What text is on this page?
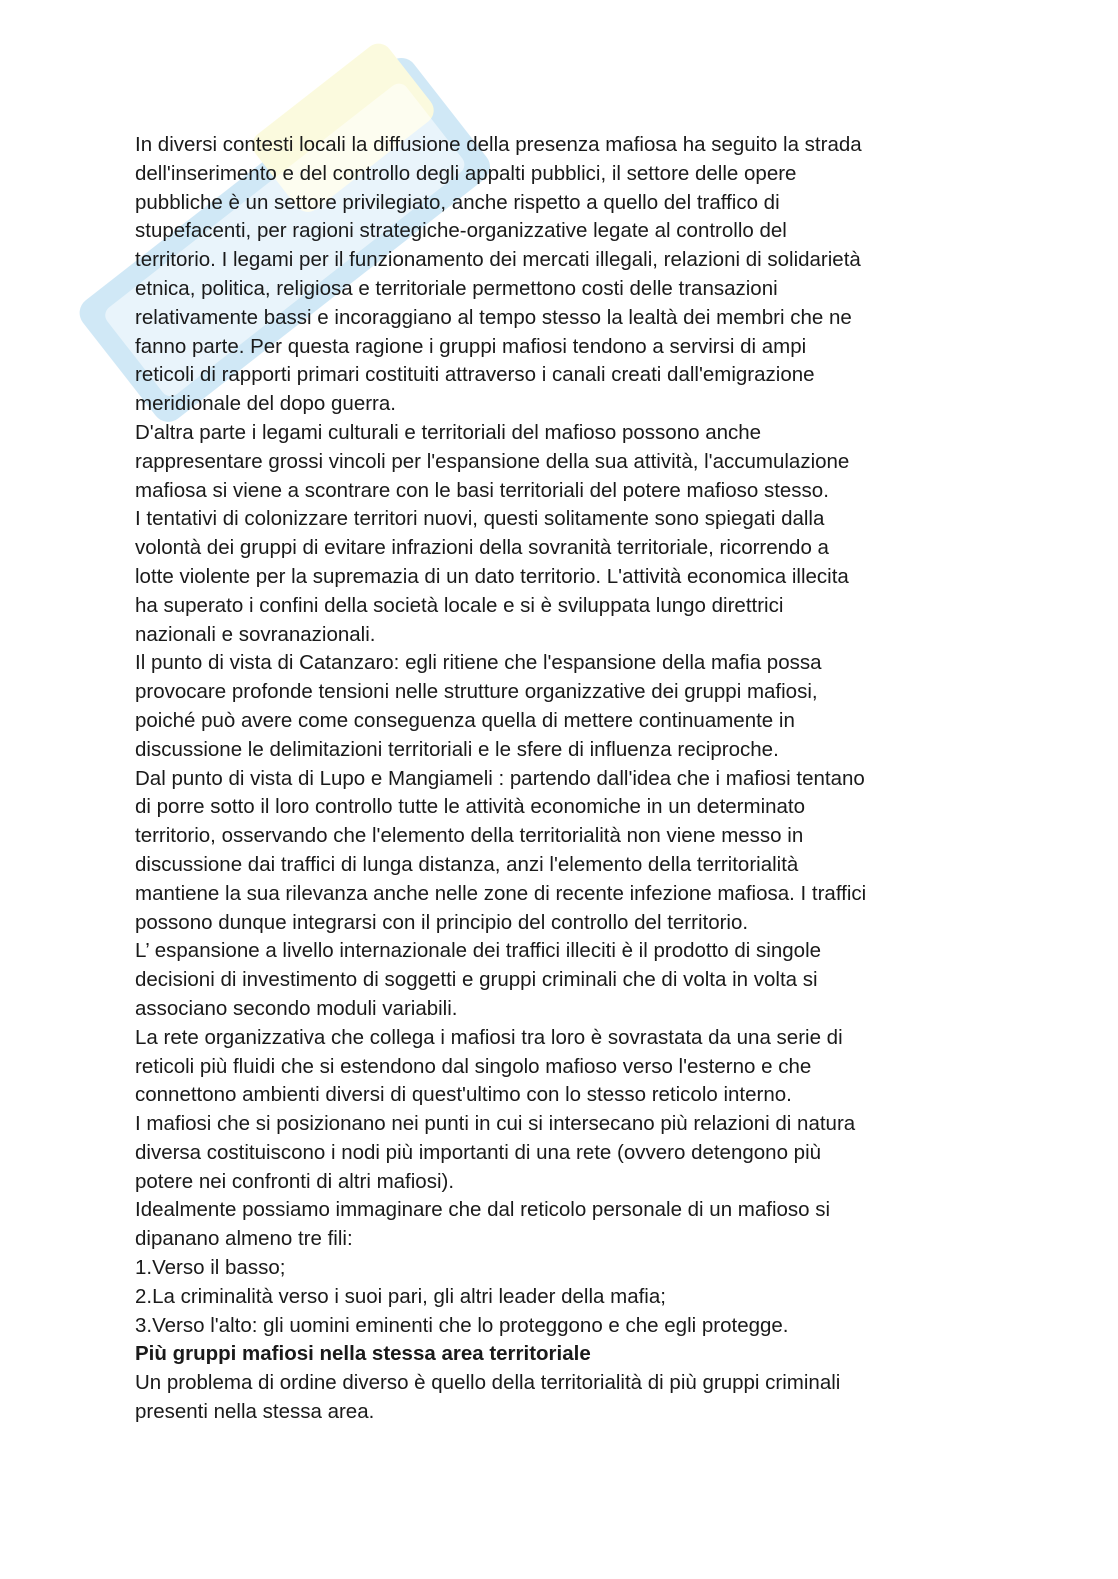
In diversi contesti locali la diffusione della presenza mafiosa ha seguito la strada
dell'inserimento e del controllo degli appalti pubblici, il settore delle opere
pubbliche è un settore privilegiato, anche rispetto a quello del traffico di
stupefacenti, per ragioni strategiche-organizzative legate al controllo del
territorio. I legami per il funzionamento dei mercati illegali, relazioni di solidarietà
etnica, politica, religiosa e territoriale permettono costi delle transazioni
relativamente bassi e incoraggiano al tempo stesso la lealtà dei membri che ne
fanno parte. Per questa ragione i gruppi mafiosi tendono a servirsi di ampi
reticoli di rapporti primari costituiti attraverso i canali creati dall'emigrazione
meridionale del dopo guerra.
D'altra parte i legami culturali e territoriali del mafioso possono anche
rappresentare grossi vincoli per l'espansione della sua attività, l'accumulazione
mafiosa si viene a scontrare con le basi territoriali del potere mafioso stesso.
I tentativi di colonizzare territori nuovi, questi solitamente sono spiegati dalla
volontà dei gruppi di evitare infrazioni della sovranità territoriale, ricorrendo a
lotte violente per la supremazia di un dato territorio. L'attività economica illecita
ha superato i confini della società locale e si è sviluppata lungo direttrici
nazionali e sovranazionali.
Il punto di vista di Catanzaro: egli ritiene che l'espansione della mafia possa
provocare profonde tensioni nelle strutture organizzative dei gruppi mafiosi,
poiché può avere come conseguenza quella di mettere continuamente in
discussione le delimitazioni territoriali e le sfere di influenza reciproche.
Dal punto di vista di Lupo e Mangiameli : partendo dall'idea che i mafiosi tentano
di porre sotto il loro controllo tutte le attività economiche in un determinato
territorio, osservando che l'elemento della territorialità non viene messo in
discussione dai traffici di lunga distanza, anzi l'elemento della territorialità
mantiene la sua rilevanza anche nelle zone di recente infezione mafiosa. I traffici
possono dunque integrarsi con il principio del controllo del territorio.
L’ espansione a livello internazionale dei traffici illeciti è il prodotto di singole
decisioni di investimento di soggetti e gruppi criminali che di volta in volta si
associano secondo moduli variabili.
La rete organizzativa che collega i mafiosi tra loro è sovrastata da una serie di
reticoli più fluidi che si estendono dal singolo mafioso verso l'esterno e che
connettono ambienti diversi di quest'ultimo con lo stesso reticolo interno.
I mafiosi che si posizionano nei punti in cui si intersecano più relazioni di natura
diversa costituiscono i nodi più importanti di una rete (ovvero detengono più
potere nei confronti di altri mafiosi).
Idealmente possiamo immaginare che dal reticolo personale di un mafioso si
dipanano almeno tre fili:
1.Verso il basso;
2.La criminalità verso i suoi pari, gli altri leader della mafia;
3.Verso l'alto: gli uomini eminenti che lo proteggono e che egli protegge.
Più gruppi mafiosi nella stessa area territoriale
Un problema di ordine diverso è quello della territorialità di più gruppi criminali
presenti nella stessa area.
